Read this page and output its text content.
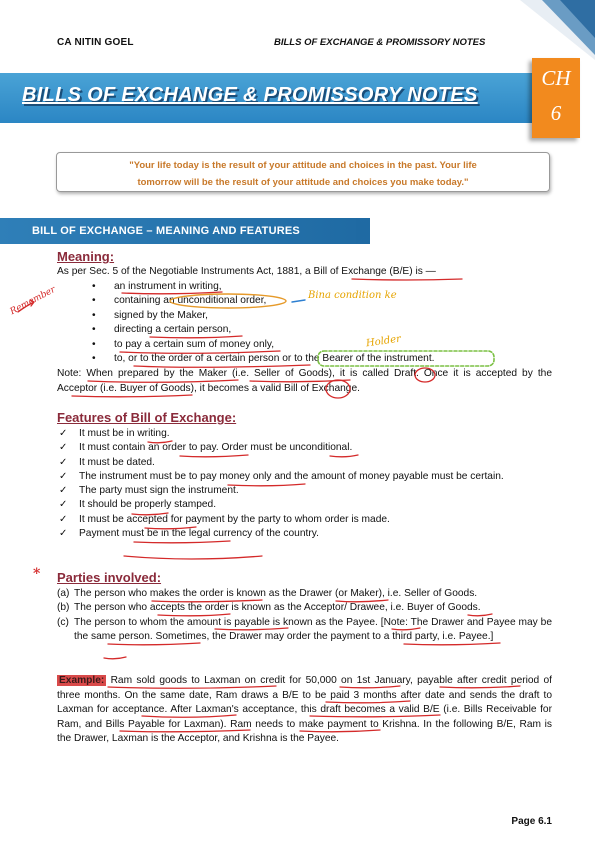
CA NITIN GOEL	BILLS OF EXCHANGE & PROMISSORY NOTES
BILLS OF EXCHANGE & PROMISSORY NOTES
CH
6
"Your life today is the result of your attitude and choices in the past. Your life
tomorrow will be the result of your attitude and choices you make today."
BILL OF EXCHANGE – MEANING AND FEATURES
Meaning:
As per Sec. 5 of the Negotiable Instruments Act, 1881, a Bill of Exchange (B/E) is —
• an instrument in writing,
• containing an unconditional order,
• signed by the Maker,
• directing a certain person,
• to pay a certain sum of money only,
• to, or to the order of a certain person or to the Bearer of the instrument.
Note: When prepared by the Maker (i.e. Seller of Goods), it is called Draft. Once it is accepted by the Acceptor (i.e. Buyer of Goods), it becomes a valid Bill of Exchange.
Remember	Bina condition ke
Holder
*
Features of Bill of Exchange:
✓ It must be in writing.
✓ It must contain an order to pay. Order must be unconditional.
✓ It must be dated.
✓ The instrument must be to pay money only and the amount of money payable must be certain.
✓ The party must sign the instrument.
✓ It should be properly stamped.
✓ It must be accepted for payment by the party to whom order is made.
✓ Payment must be in the legal currency of the country.
Parties involved:
(a) The person who makes the order is known as the Drawer (or Maker), i.e. Seller of Goods.
(b) The person who accepts the order is known as the Acceptor/ Drawee, i.e. Buyer of Goods.
(c) The person to whom the amount is payable is known as the Payee. [Note: The Drawer and Payee may be the same person. Sometimes, the Drawer may order the payment to a third party, i.e. Payee.]
Example: Ram sold goods to Laxman on credit for 50,000 on 1st January, payable after credit period of three months. On the same date, Ram draws a B/E to be paid 3 months after date and sends the draft to Laxman for acceptance. After Laxman's acceptance, this draft becomes a valid B/E (i.e. Bills Receivable for Ram, and Bills Payable for Laxman). Ram needs to make payment to Krishna. In the following B/E, Ram is the Drawer, Laxman is the Acceptor, and Krishna is the Payee.
Page 6.1
